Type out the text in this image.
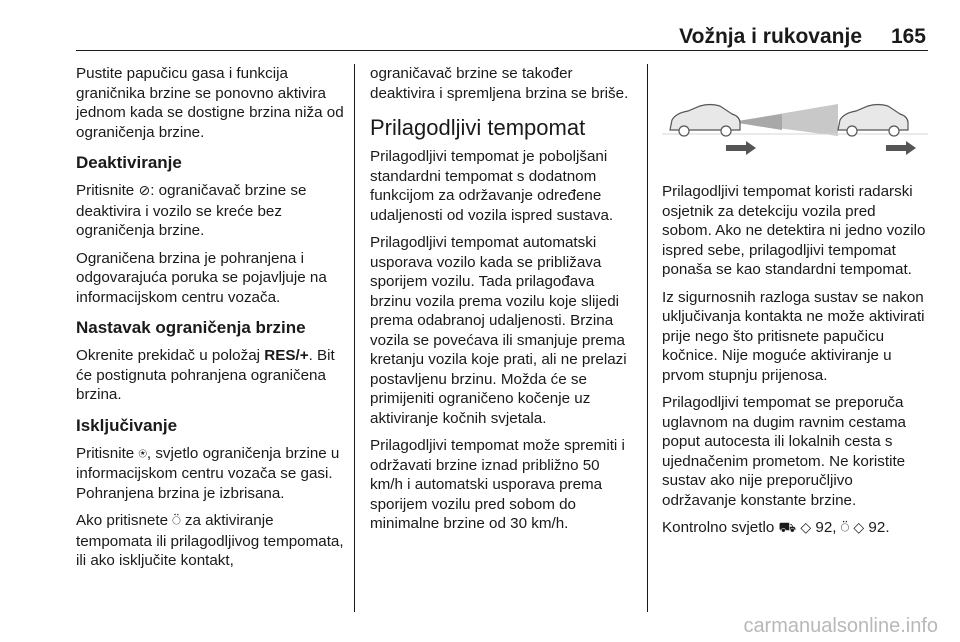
Vožnja i rukovanje 165

Pustite papučicu gasa i funkcija graničnika brzine se ponovno aktivira jednom kada se dostigne brzina niža od ograničenja brzine.

Deaktiviranje

Pritisnite ⊘: ograničavač brzine se deaktivira i vozilo se kreće bez ograničenja brzine.

Ograničena brzina je pohranjena i odgovarajuća poruka se pojavljuje na informacijskom centru vozača.

Nastavak ograničenja brzine

Okrenite prekidač u položaj RES/+. Bit će postignuta pohranjena ograničena brzina.

Isključivanje

Pritisnite ⍟, svjetlo ograničenja brzine u informacijskom centru vozača se gasi. Pohranjena brzina je izbrisana.

Ako pritisnete ⍥ za aktiviranje tempomata ili prilagodljivog tempomata, ili ako isključite kontakt,

ograničavač brzine se također deaktivira i spremljena brzina se briše.

Prilagodljivi tempomat

Prilagodljivi tempomat je poboljšani standardni tempomat s dodatnom funkcijom za održavanje određene udaljenosti od vozila ispred sustava.

Prilagodljivi tempomat automatski usporava vozilo kada se približava sporijem vozilu. Tada prilagođava brzinu vozila prema vozilu koje slijedi prema odabranoj udaljenosti. Brzina vozila se povećava ili smanjuje prema kretanju vozila koje prati, ali ne prelazi postavljenu brzinu. Možda će se primijeniti ograničeno kočenje uz aktiviranje kočnih svjetala.

Prilagodljivi tempomat može spremiti i održavati brzine iznad približno 50 km/h i automatski usporava prema sporijem vozilu pred sobom do minimalne brzine od 30 km/h.

Prilagodljivi tempomat koristi radarski osjetnik za detekciju vozila pred sobom. Ako ne detektira ni jedno vozilo ispred sebe, prilagodljivi tempomat ponaša se kao standardni tempomat.

Iz sigurnosnih razloga sustav se nakon uključivanja kontakta ne može aktivirati prije nego što pritisnete papučicu kočnice. Nije moguće aktiviranje u prvom stupnju prijenosa.

Prilagodljivi tempomat se preporuča uglavnom na dugim ravnim cestama poput autocesta ili lokalnih cesta s ujednačenim prometom. Ne koristite sustav ako nije preporučljivo održavanje konstante brzine.

Kontrolno svjetlo ⛟ ◇ 92, ⍥ ◇ 92.

carmanualsonline.info
